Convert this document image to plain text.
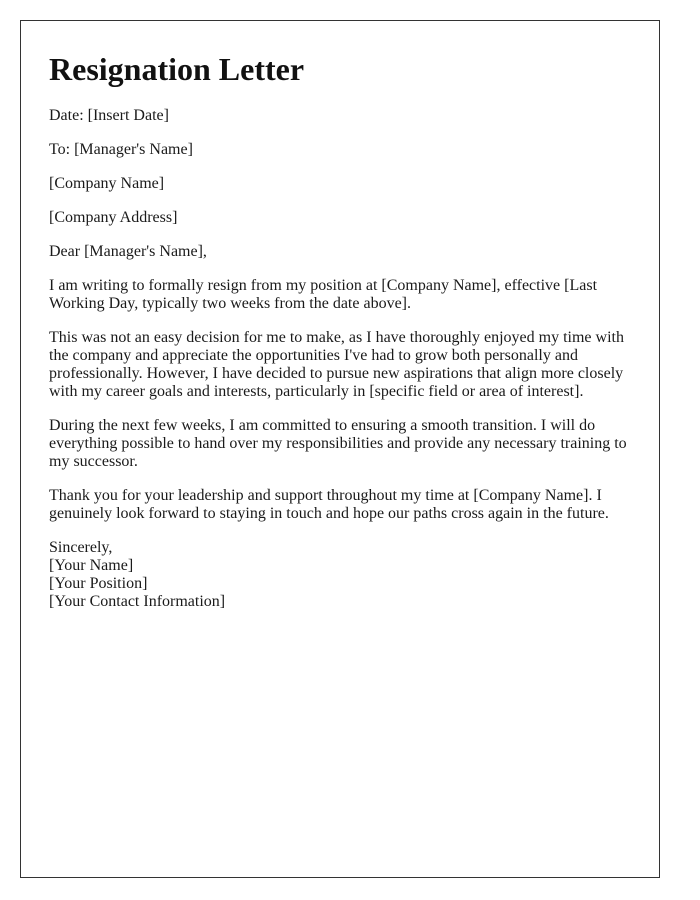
Resignation Letter

Date: [Insert Date]

To: [Manager's Name]

[Company Name]

[Company Address]

Dear [Manager's Name],

I am writing to formally resign from my position at [Company Name], effective [Last Working Day, typically two weeks from the date above].

This was not an easy decision for me to make, as I have thoroughly enjoyed my time with the company and appreciate the opportunities I've had to grow both personally and professionally. However, I have decided to pursue new aspirations that align more closely with my career goals and interests, particularly in [specific field or area of interest].

During the next few weeks, I am committed to ensuring a smooth transition. I will do everything possible to hand over my responsibilities and provide any necessary training to my successor.

Thank you for your leadership and support throughout my time at [Company Name]. I genuinely look forward to staying in touch and hope our paths cross again in the future.

Sincerely,
[Your Name]
[Your Position]
[Your Contact Information]
